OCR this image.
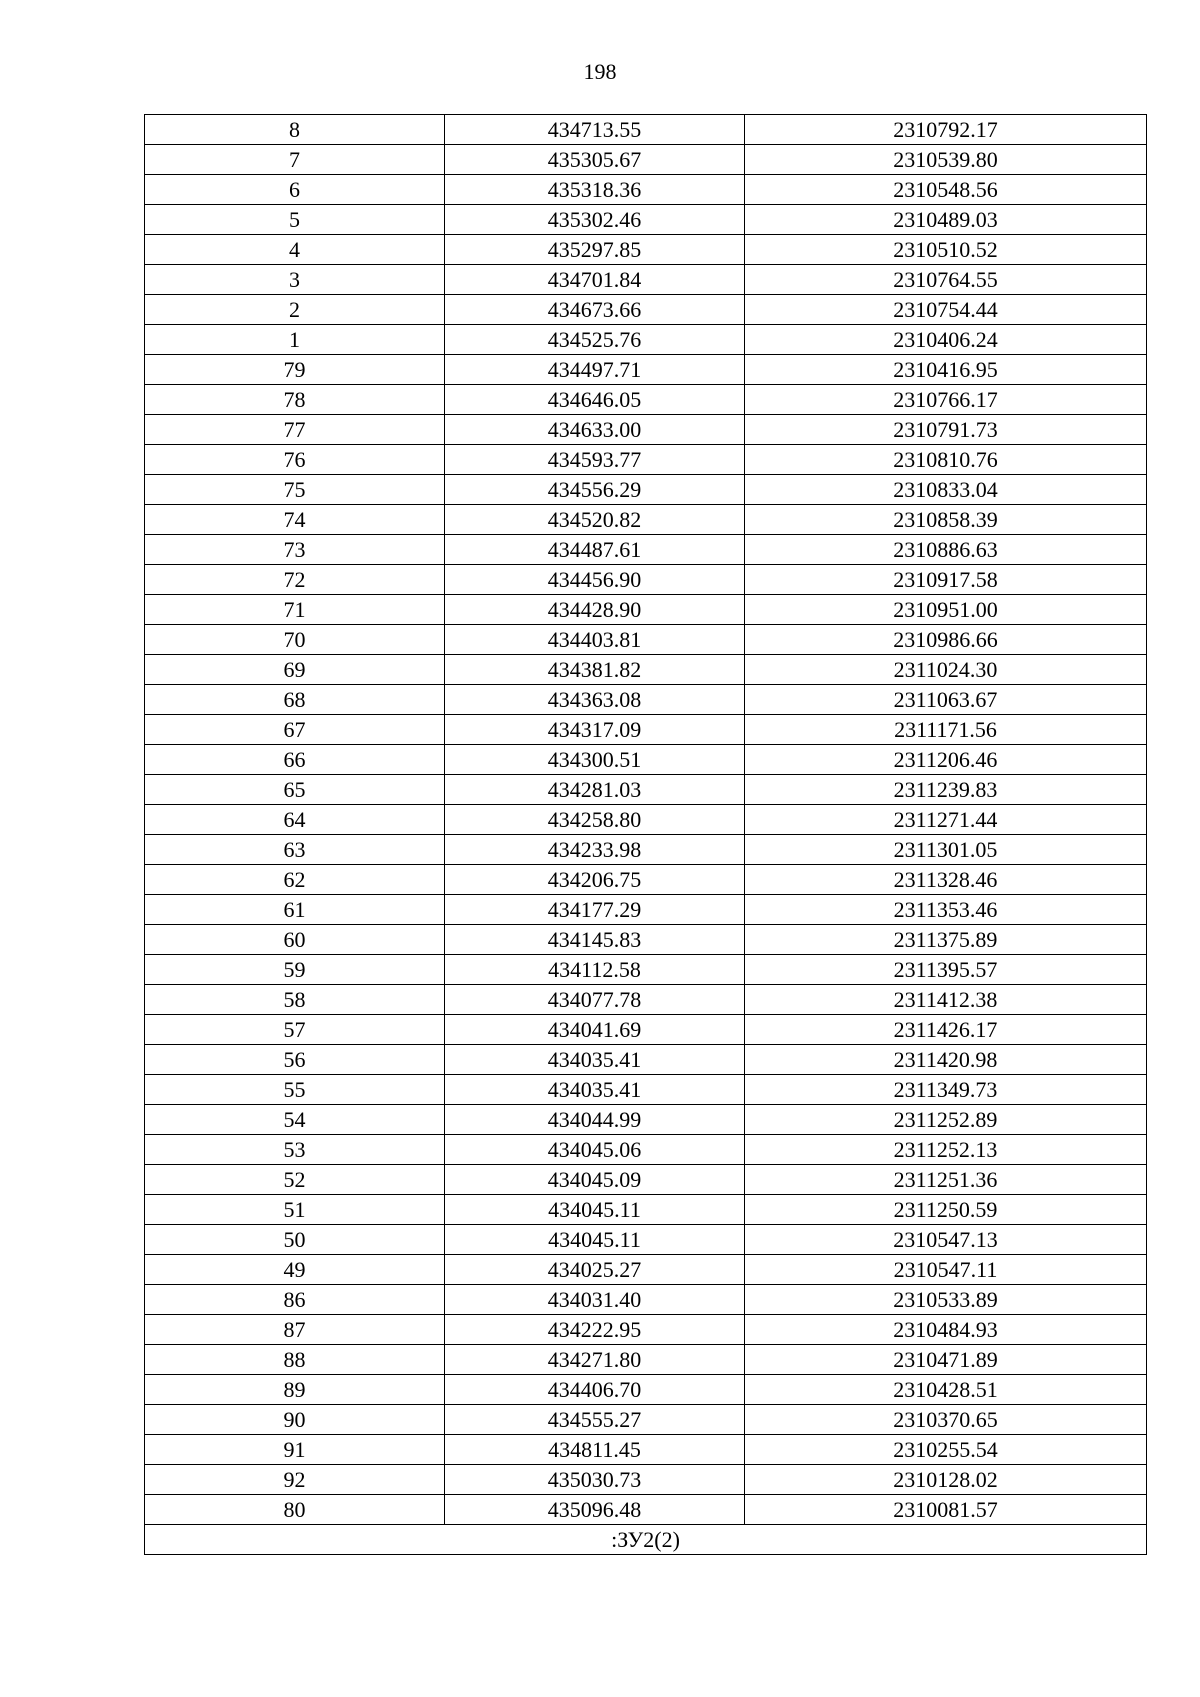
198
8	434713.55	2310792.17
7	435305.67	2310539.80
6	435318.36	2310548.56
5	435302.46	2310489.03
4	435297.85	2310510.52
3	434701.84	2310764.55
2	434673.66	2310754.44
1	434525.76	2310406.24
79	434497.71	2310416.95
78	434646.05	2310766.17
77	434633.00	2310791.73
76	434593.77	2310810.76
75	434556.29	2310833.04
74	434520.82	2310858.39
73	434487.61	2310886.63
72	434456.90	2310917.58
71	434428.90	2310951.00
70	434403.81	2310986.66
69	434381.82	2311024.30
68	434363.08	2311063.67
67	434317.09	2311171.56
66	434300.51	2311206.46
65	434281.03	2311239.83
64	434258.80	2311271.44
63	434233.98	2311301.05
62	434206.75	2311328.46
61	434177.29	2311353.46
60	434145.83	2311375.89
59	434112.58	2311395.57
58	434077.78	2311412.38
57	434041.69	2311426.17
56	434035.41	2311420.98
55	434035.41	2311349.73
54	434044.99	2311252.89
53	434045.06	2311252.13
52	434045.09	2311251.36
51	434045.11	2311250.59
50	434045.11	2310547.13
49	434025.27	2310547.11
86	434031.40	2310533.89
87	434222.95	2310484.93
88	434271.80	2310471.89
89	434406.70	2310428.51
90	434555.27	2310370.65
91	434811.45	2310255.54
92	435030.73	2310128.02
80	435096.48	2310081.57
:ЗУ2(2)		
